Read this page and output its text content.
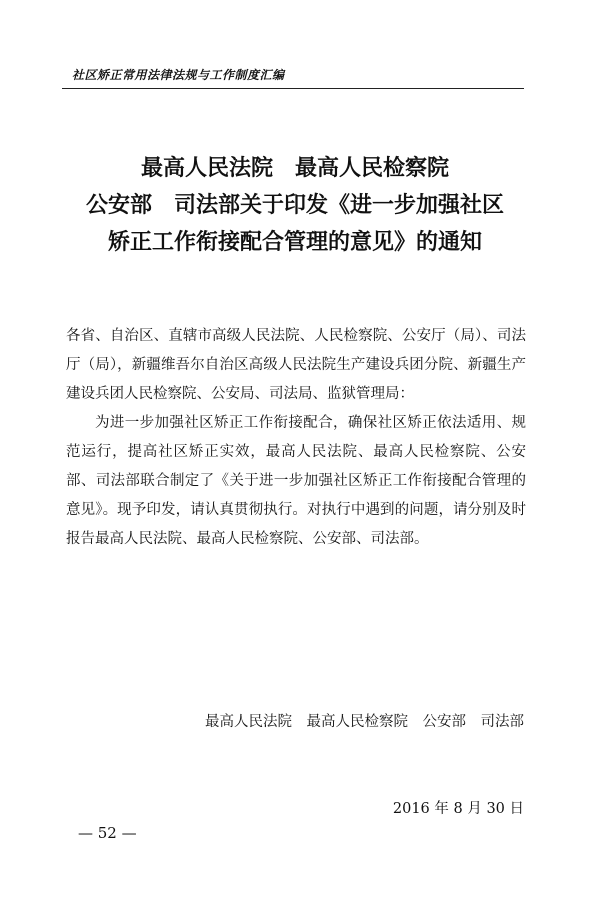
社区矫正常用法律法规与工作制度汇编
最高人民法院　最高人民检察院
公安部　司法部关于印发《进一步加强社区
矫正工作衔接配合管理的意见》的通知

各省、自治区、直辖市高级人民法院、人民检察院、公安厅（局）、司法厅（局），新疆维吾尔自治区高级人民法院生产建设兵团分院、新疆生产建设兵团人民检察院、公安局、司法局、监狱管理局：

为进一步加强社区矫正工作衔接配合，确保社区矫正依法适用、规范运行，提高社区矫正实效，最高人民法院、最高人民检察院、公安部、司法部联合制定了《关于进一步加强社区矫正工作衔接配合管理的意见》。现予印发，请认真贯彻执行。对执行中遇到的问题，请分别及时报告最高人民法院、最高人民检察院、公安部、司法部。

最高人民法院　最高人民检察院　公安部　司法部

2016 年 8 月 30 日

— 52 —
